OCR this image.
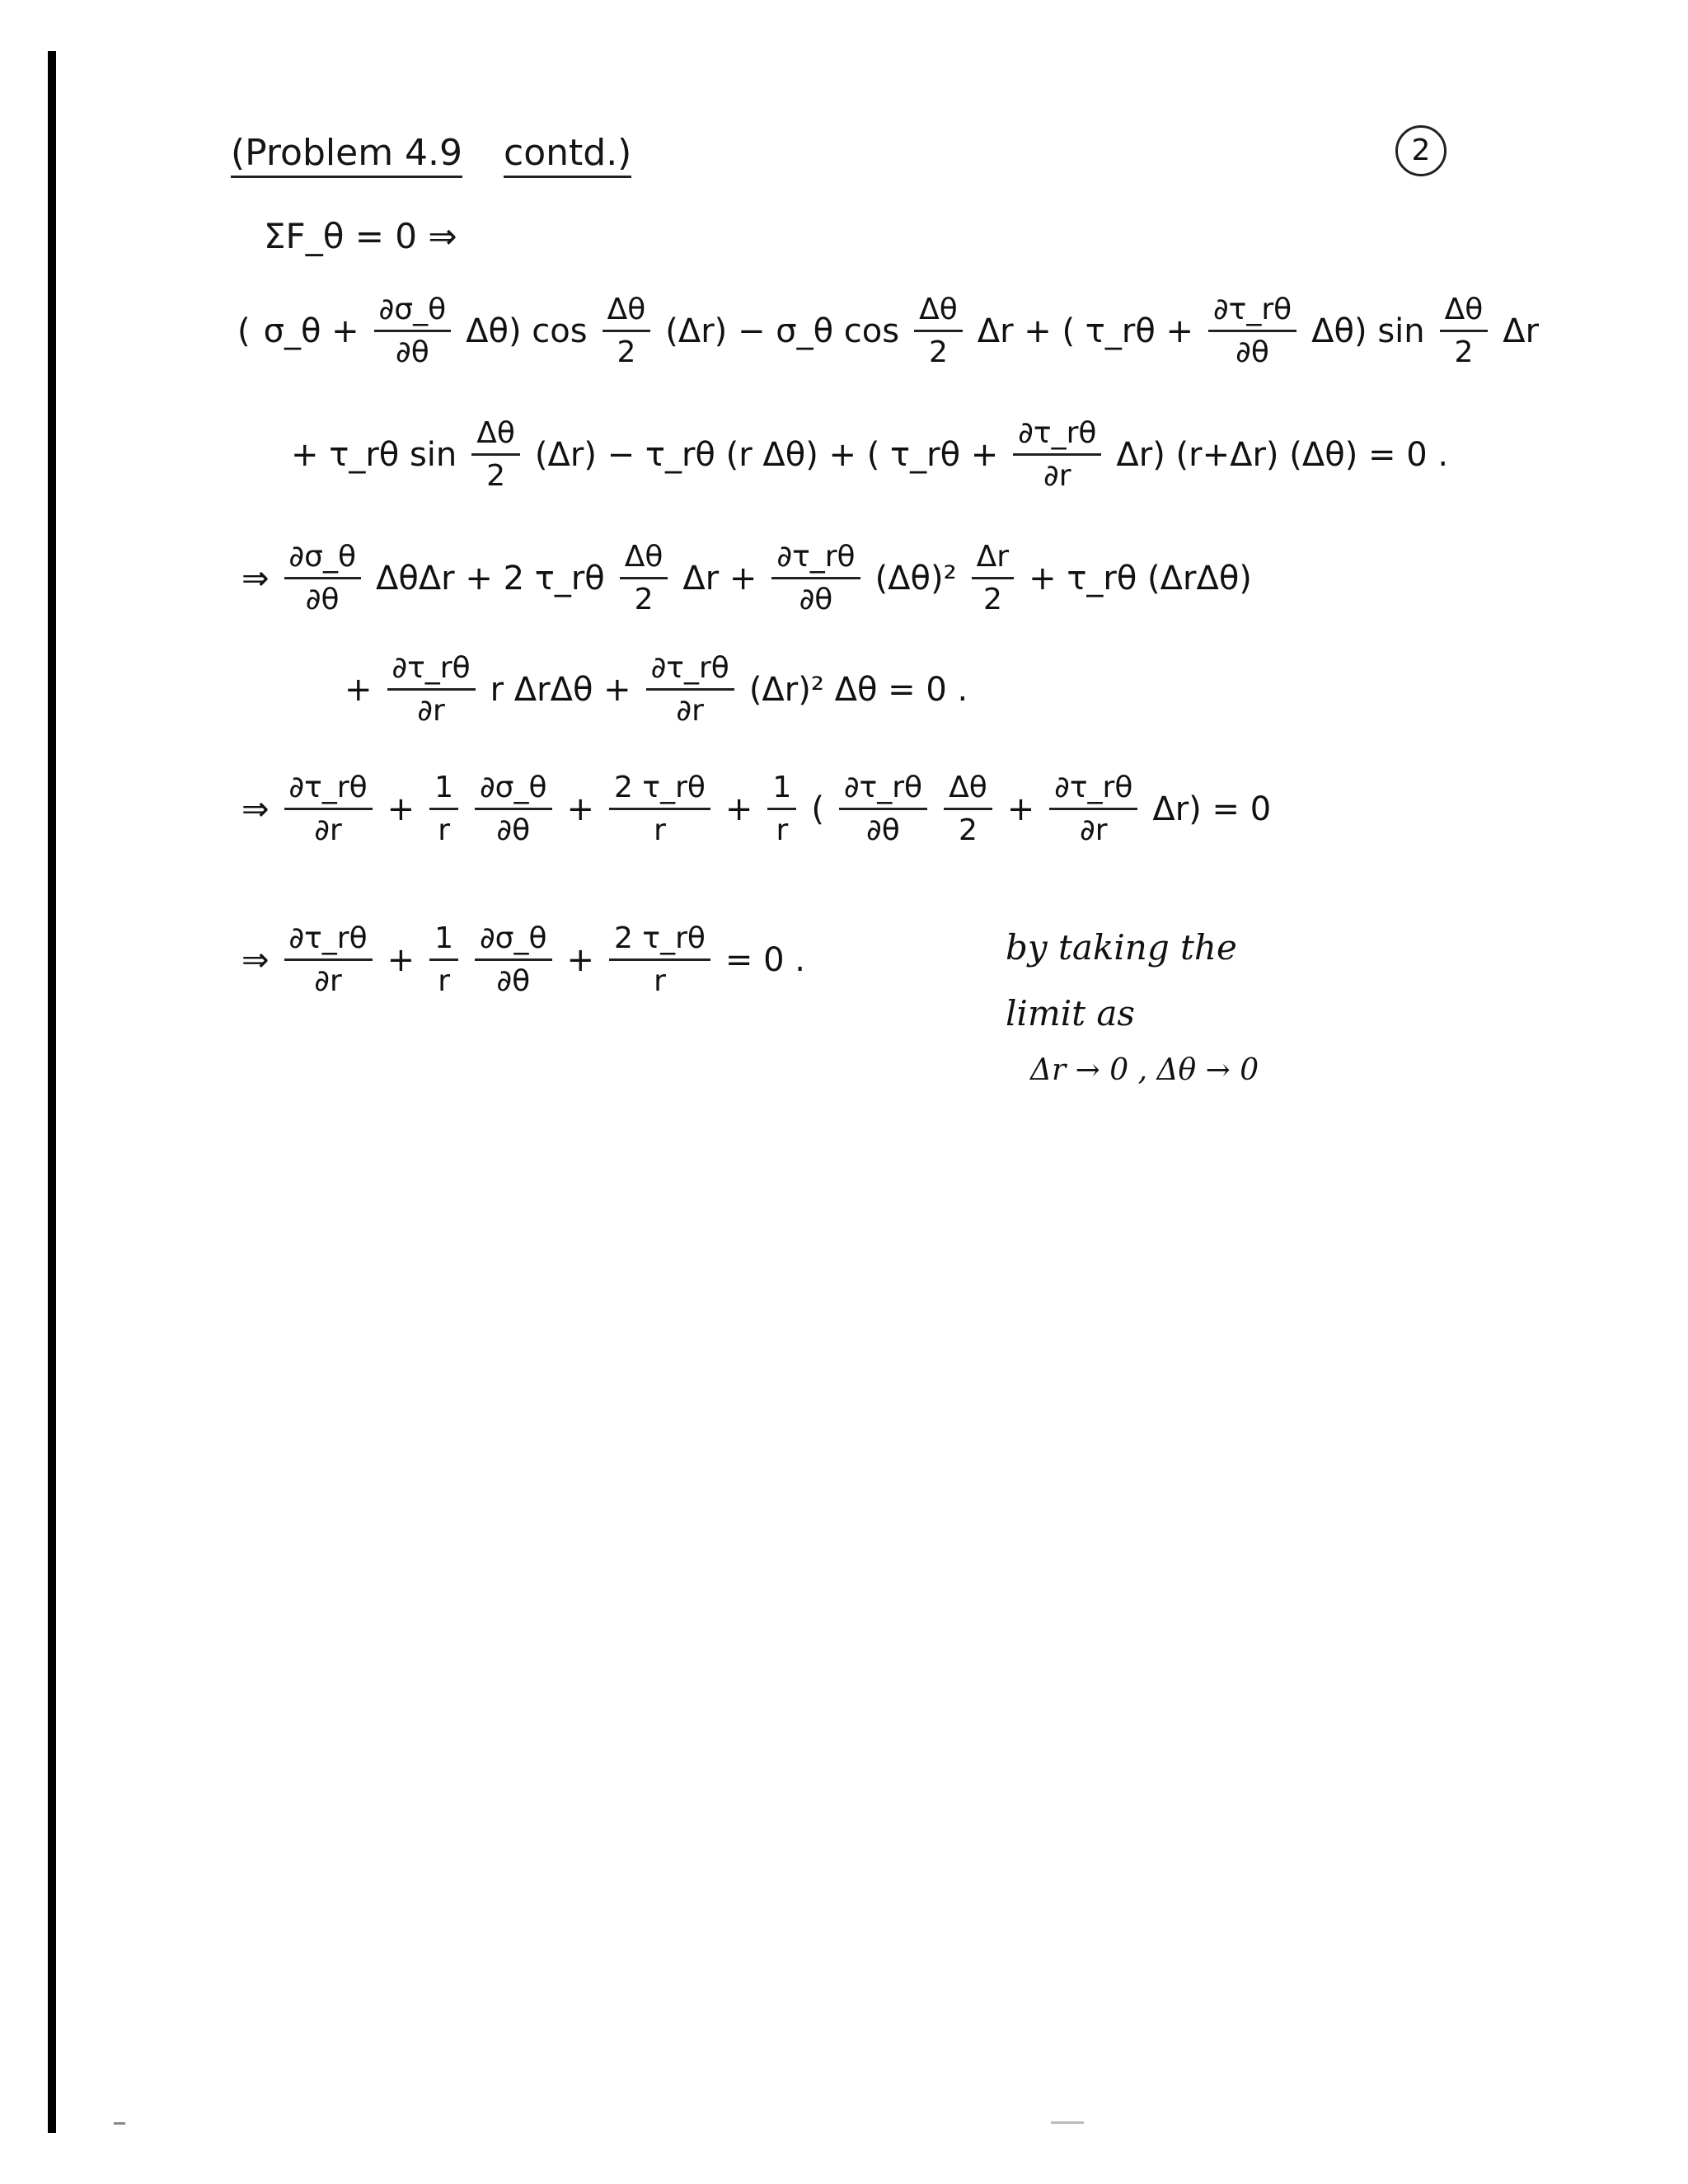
(Problem 4.9 contd.)	2
ΣF_θ = 0 ⇒
( σ_θ + $\frac{\partial\sigma\_\theta}{\partial\theta} \Delta\theta$) $\cos \frac{\Delta\theta}{2} (\Delta r)$ − σ_θ $\cos \frac{\Delta\theta}{2}$ Δr + ( τ_rθ + $\frac{\partial\tau\_r\theta}{\partial\theta} \Delta\theta$) $\sin \frac{\Delta\theta}{2}$ Δr
+ τ_rθ $\sin \frac{\Delta\theta}{2} (\Delta r)$ − τ_rθ (r Δθ) + ( τ_rθ + $\frac{\partial\tau\_r\theta}{\partial r} \Delta r$) (r+Δr) (Δθ) = 0 .
⇒ $\frac{\partial\sigma\_\theta}{\partial\theta}$ ΔθΔr + 2 τ_rθ $\frac{\Delta\theta}{2}$ $\Delta r + \frac{\partial\tau\_r\theta}{\partial\theta} (\Delta\theta)^2 \frac{\Delta r}{2}$ + τ_rθ (ΔrΔθ)
+ $\frac{\partial\tau\_r\theta}{\partial r}$ r $\Delta r\Delta\theta + \frac{\partial\tau\_r\theta}{\partial r} (\Delta r)^2$ Δθ = 0 .
⇒ $\frac{\partial\tau\_r\theta}{\partial r} + \frac{1}{r} \frac{\partial\sigma\_\theta}{\partial\theta} + \frac{2 \tau\_r\theta}{r} + \frac{1}{r}$ ( $\frac{\partial\tau\_r\theta}{\partial\theta} \frac{\Delta\theta}{2} + \frac{\partial\tau\_r\theta}{\partial r} \Delta r) = 0$
⇒ $\frac{\partial\tau\_r\theta}{\partial r} + \frac{1}{r} \frac{\partial\sigma\_\theta}{\partial\theta} + \frac{2 \tau\_r\theta}{r} = 0$ .	by taking the
limit as
Δr → 0 , Δθ → 0
